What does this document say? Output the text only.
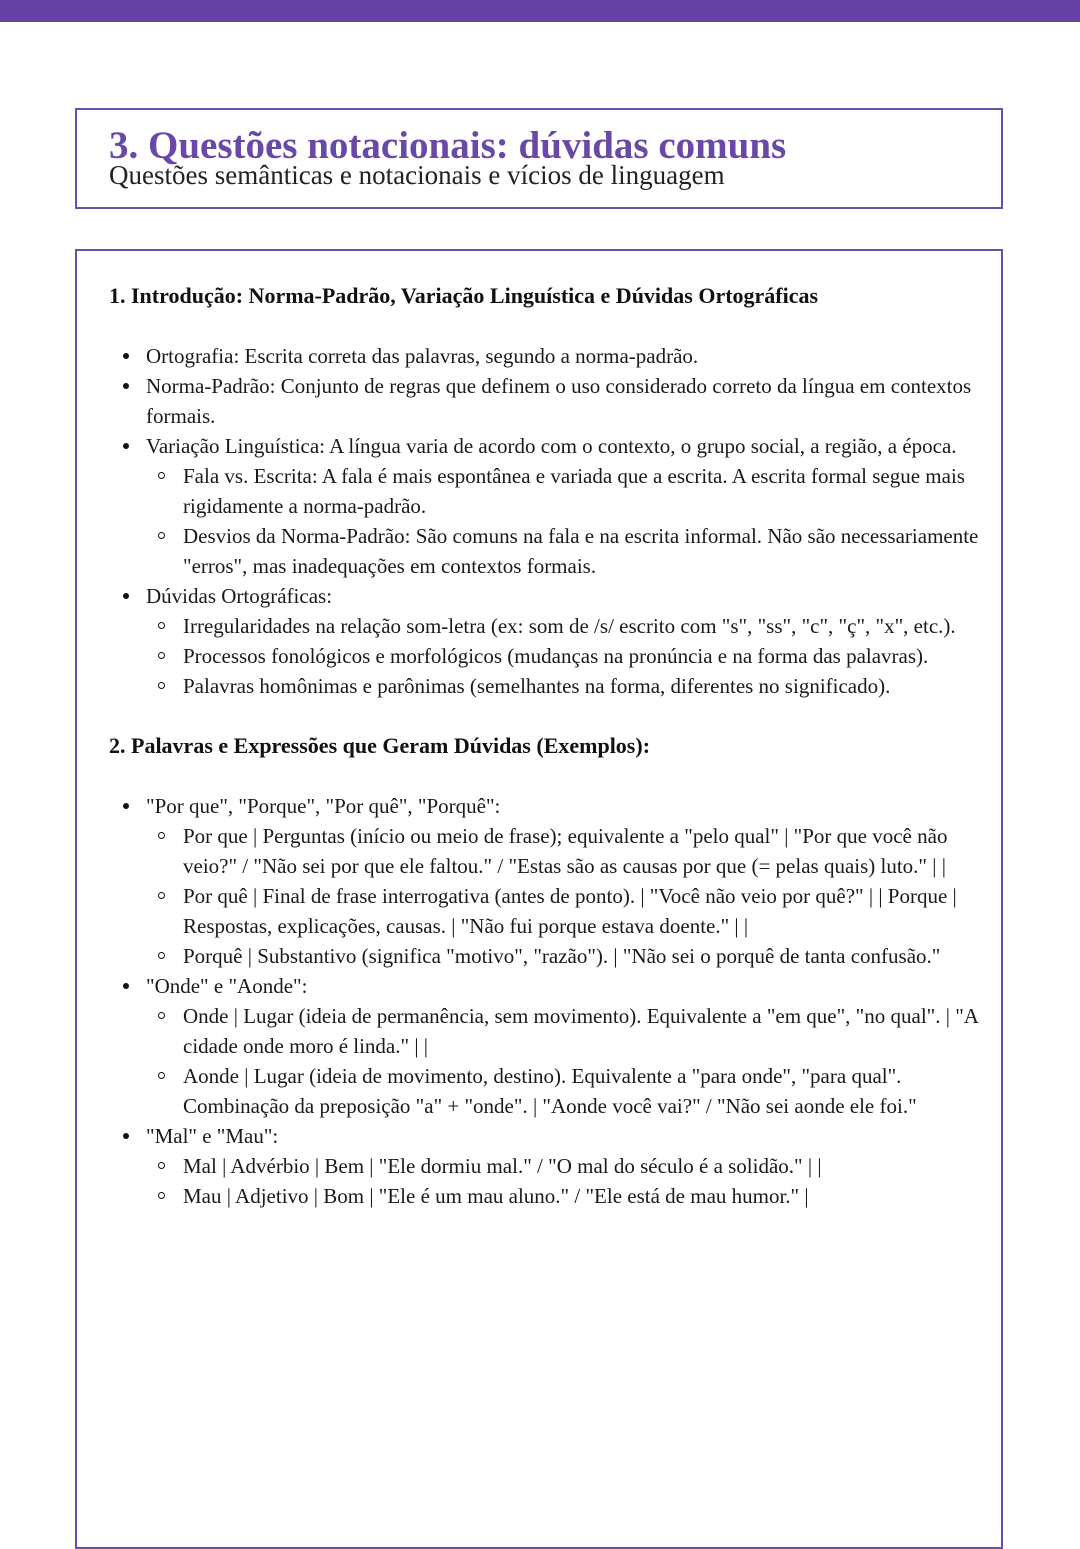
3. Questões notacionais: dúvidas comuns

Questões semânticas e notacionais e vícios de linguagem

1. Introdução: Norma-Padrão, Variação Linguística e Dúvidas Ortográficas
Ortografia: Escrita correta das palavras, segundo a norma-padrão.
Norma-Padrão: Conjunto de regras que definem o uso considerado correto da língua em contextos formais.
Variação Linguística: A língua varia de acordo com o contexto, o grupo social, a região, a época.
Fala vs. Escrita: A fala é mais espontânea e variada que a escrita. A escrita formal segue mais rigidamente a norma-padrão.
Desvios da Norma-Padrão: São comuns na fala e na escrita informal. Não são necessariamente "erros", mas inadequações em contextos formais.
Dúvidas Ortográficas:
Irregularidades na relação som-letra (ex: som de /s/ escrito com "s", "ss", "c", "ç", "x", etc.).
Processos fonológicos e morfológicos (mudanças na pronúncia e na forma das palavras).
Palavras homônimas e parônimas (semelhantes na forma, diferentes no significado).
2. Palavras e Expressões que Geram Dúvidas (Exemplos):
"Por que", "Porque", "Por quê", "Porquê":
Por que | Perguntas (início ou meio de frase); equivalente a "pelo qual" | "Por que você não veio?" / "Não sei por que ele faltou." / "Estas são as causas por que (= pelas quais) luto." | |
Por quê | Final de frase interrogativa (antes de ponto). | "Você não veio por quê?" | | Porque | Respostas, explicações, causas. | "Não fui porque estava doente." | |
Porquê | Substantivo (significa "motivo", "razão"). | "Não sei o porquê de tanta confusão."
"Onde" e "Aonde":
Onde | Lugar (ideia de permanência, sem movimento). Equivalente a "em que", "no qual". | "A cidade onde moro é linda." | |
Aonde | Lugar (ideia de movimento, destino). Equivalente a "para onde", "para qual". Combinação da preposição "a" + "onde". | "Aonde você vai?" / "Não sei aonde ele foi."
"Mal" e "Mau":
Mal | Advérbio | Bem | "Ele dormiu mal." / "O mal do século é a solidão." | |
Mau | Adjetivo | Bom | "Ele é um mau aluno." / "Ele está de mau humor." |
